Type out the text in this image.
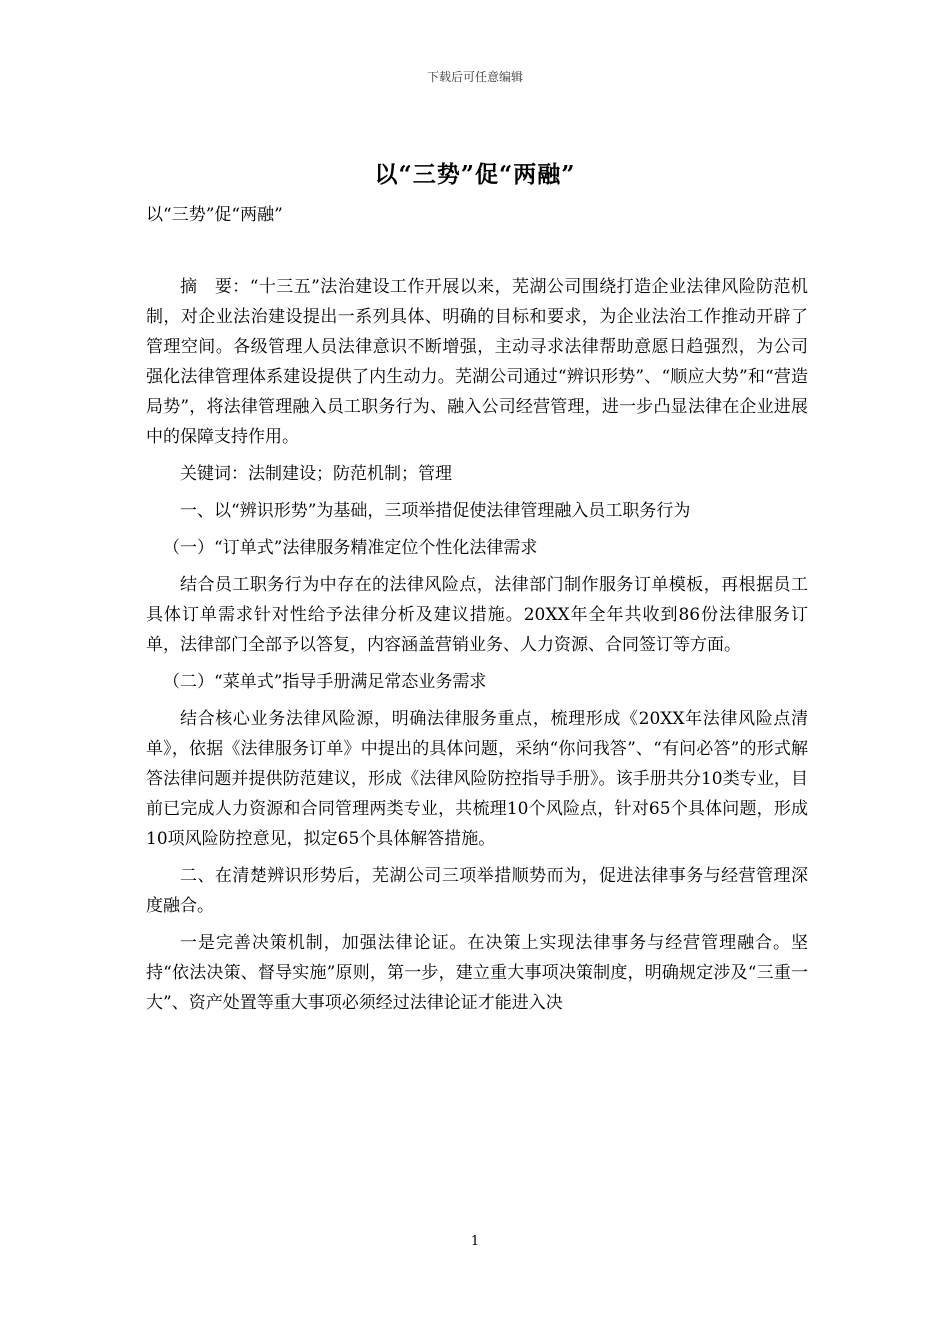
下载后可任意编辑
以“三势”促“两融”
以“三势”促“两融”

摘　要：“十三五”法治建设工作开展以来，芜湖公司围绕打造企业法律风险防范机制，对企业法治建设提出一系列具体、明确的目标和要求，为企业法治工作推动开辟了管理空间。各级管理人员法律意识不断增强，主动寻求法律帮助意愿日趋强烈，为公司强化法律管理体系建设提供了内生动力。芜湖公司通过“辨识形势”、“顺应大势”和“营造局势”，将法律管理融入员工职务行为、融入公司经营管理，进一步凸显法律在企业进展中的保障支持作用。

关键词：法制建设；防范机制；管理

一、以“辨识形势”为基础，三项举措促使法律管理融入员工职务行为

（一）“订单式”法律服务精准定位个性化法律需求

结合员工职务行为中存在的法律风险点，法律部门制作服务订单模板，再根据员工具体订单需求针对性给予法律分析及建议措施。20XX年全年共收到86份法律服务订单，法律部门全部予以答复，内容涵盖营销业务、人力资源、合同签订等方面。

（二）“菜单式”指导手册满足常态业务需求

结合核心业务法律风险源，明确法律服务重点，梳理形成《20XX年法律风险点清单》，依据《法律服务订单》中提出的具体问题，采纳“你问我答”、“有问必答”的形式解答法律问题并提供防范建议，形成《法律风险防控指导手册》。该手册共分10类专业，目前已完成人力资源和合同管理两类专业，共梳理10个风险点，针对65个具体问题，形成10项风险防控意见，拟定65个具体解答措施。

二、在清楚辨识形势后，芜湖公司三项举措顺势而为，促进法律事务与经营管理深度融合。

一是完善决策机制，加强法律论证。在决策上实现法律事务与经营管理融合。坚持“依法决策、督导实施”原则，第一步，建立重大事项决策制度，明确规定涉及“三重一大”、资产处置等重大事项必须经过法律论证才能进入决

1
